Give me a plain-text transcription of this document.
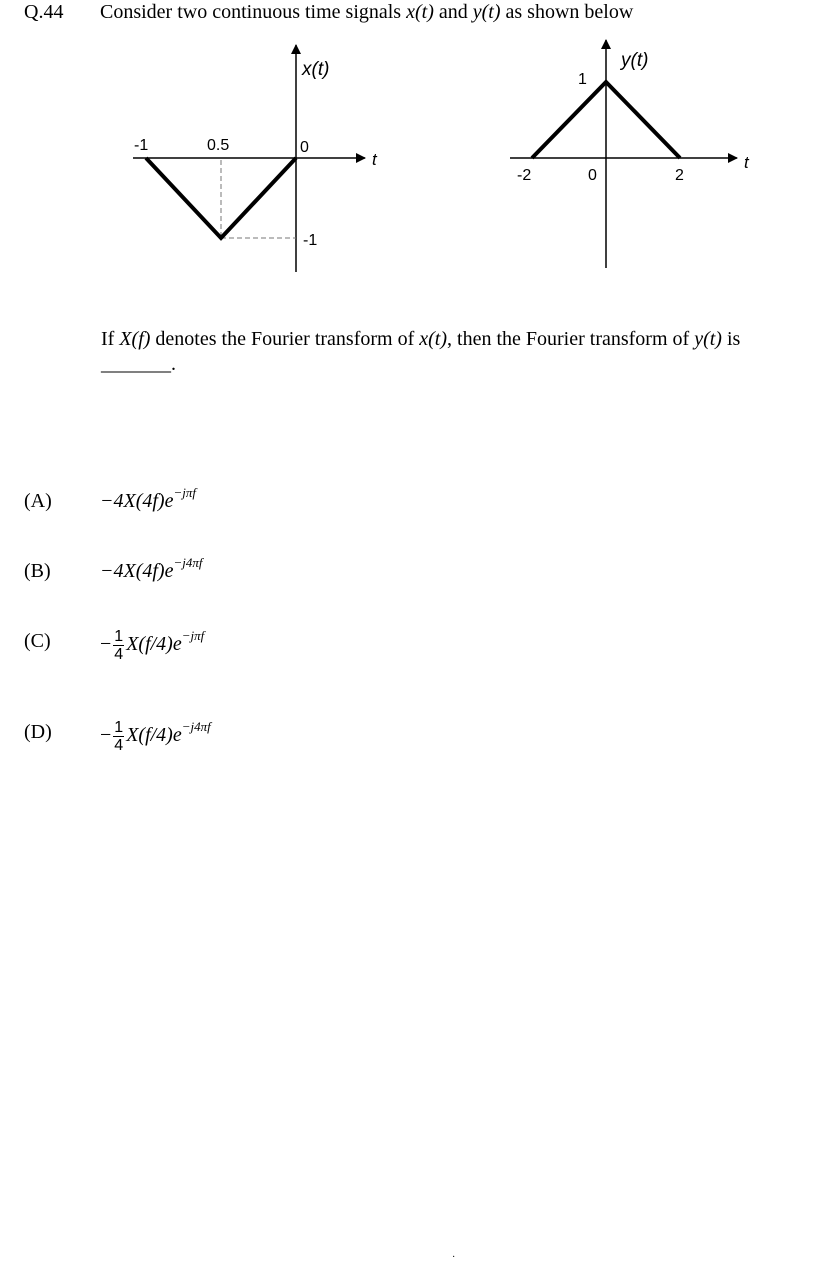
Q.44 Consider two continuous time signals x(t) and y(t) as shown below
x(t)
t
-1	0.5	0
-1
y(t)
t
-2	0	2
1
If X(f) denotes the Fourier transform of x(t), then the Fourier transform of y(t) is _______.
$(A) -4X(4f)e^{-j\pi f}$
$(B) -4X(4f)e^{-j4\pi f}$
$(C) - \frac{1}{4} X(f/4)e^{-j\pi f}$
$(D) - \frac{1}{4} X(f/4)e^{-j4\pi f}$
·
